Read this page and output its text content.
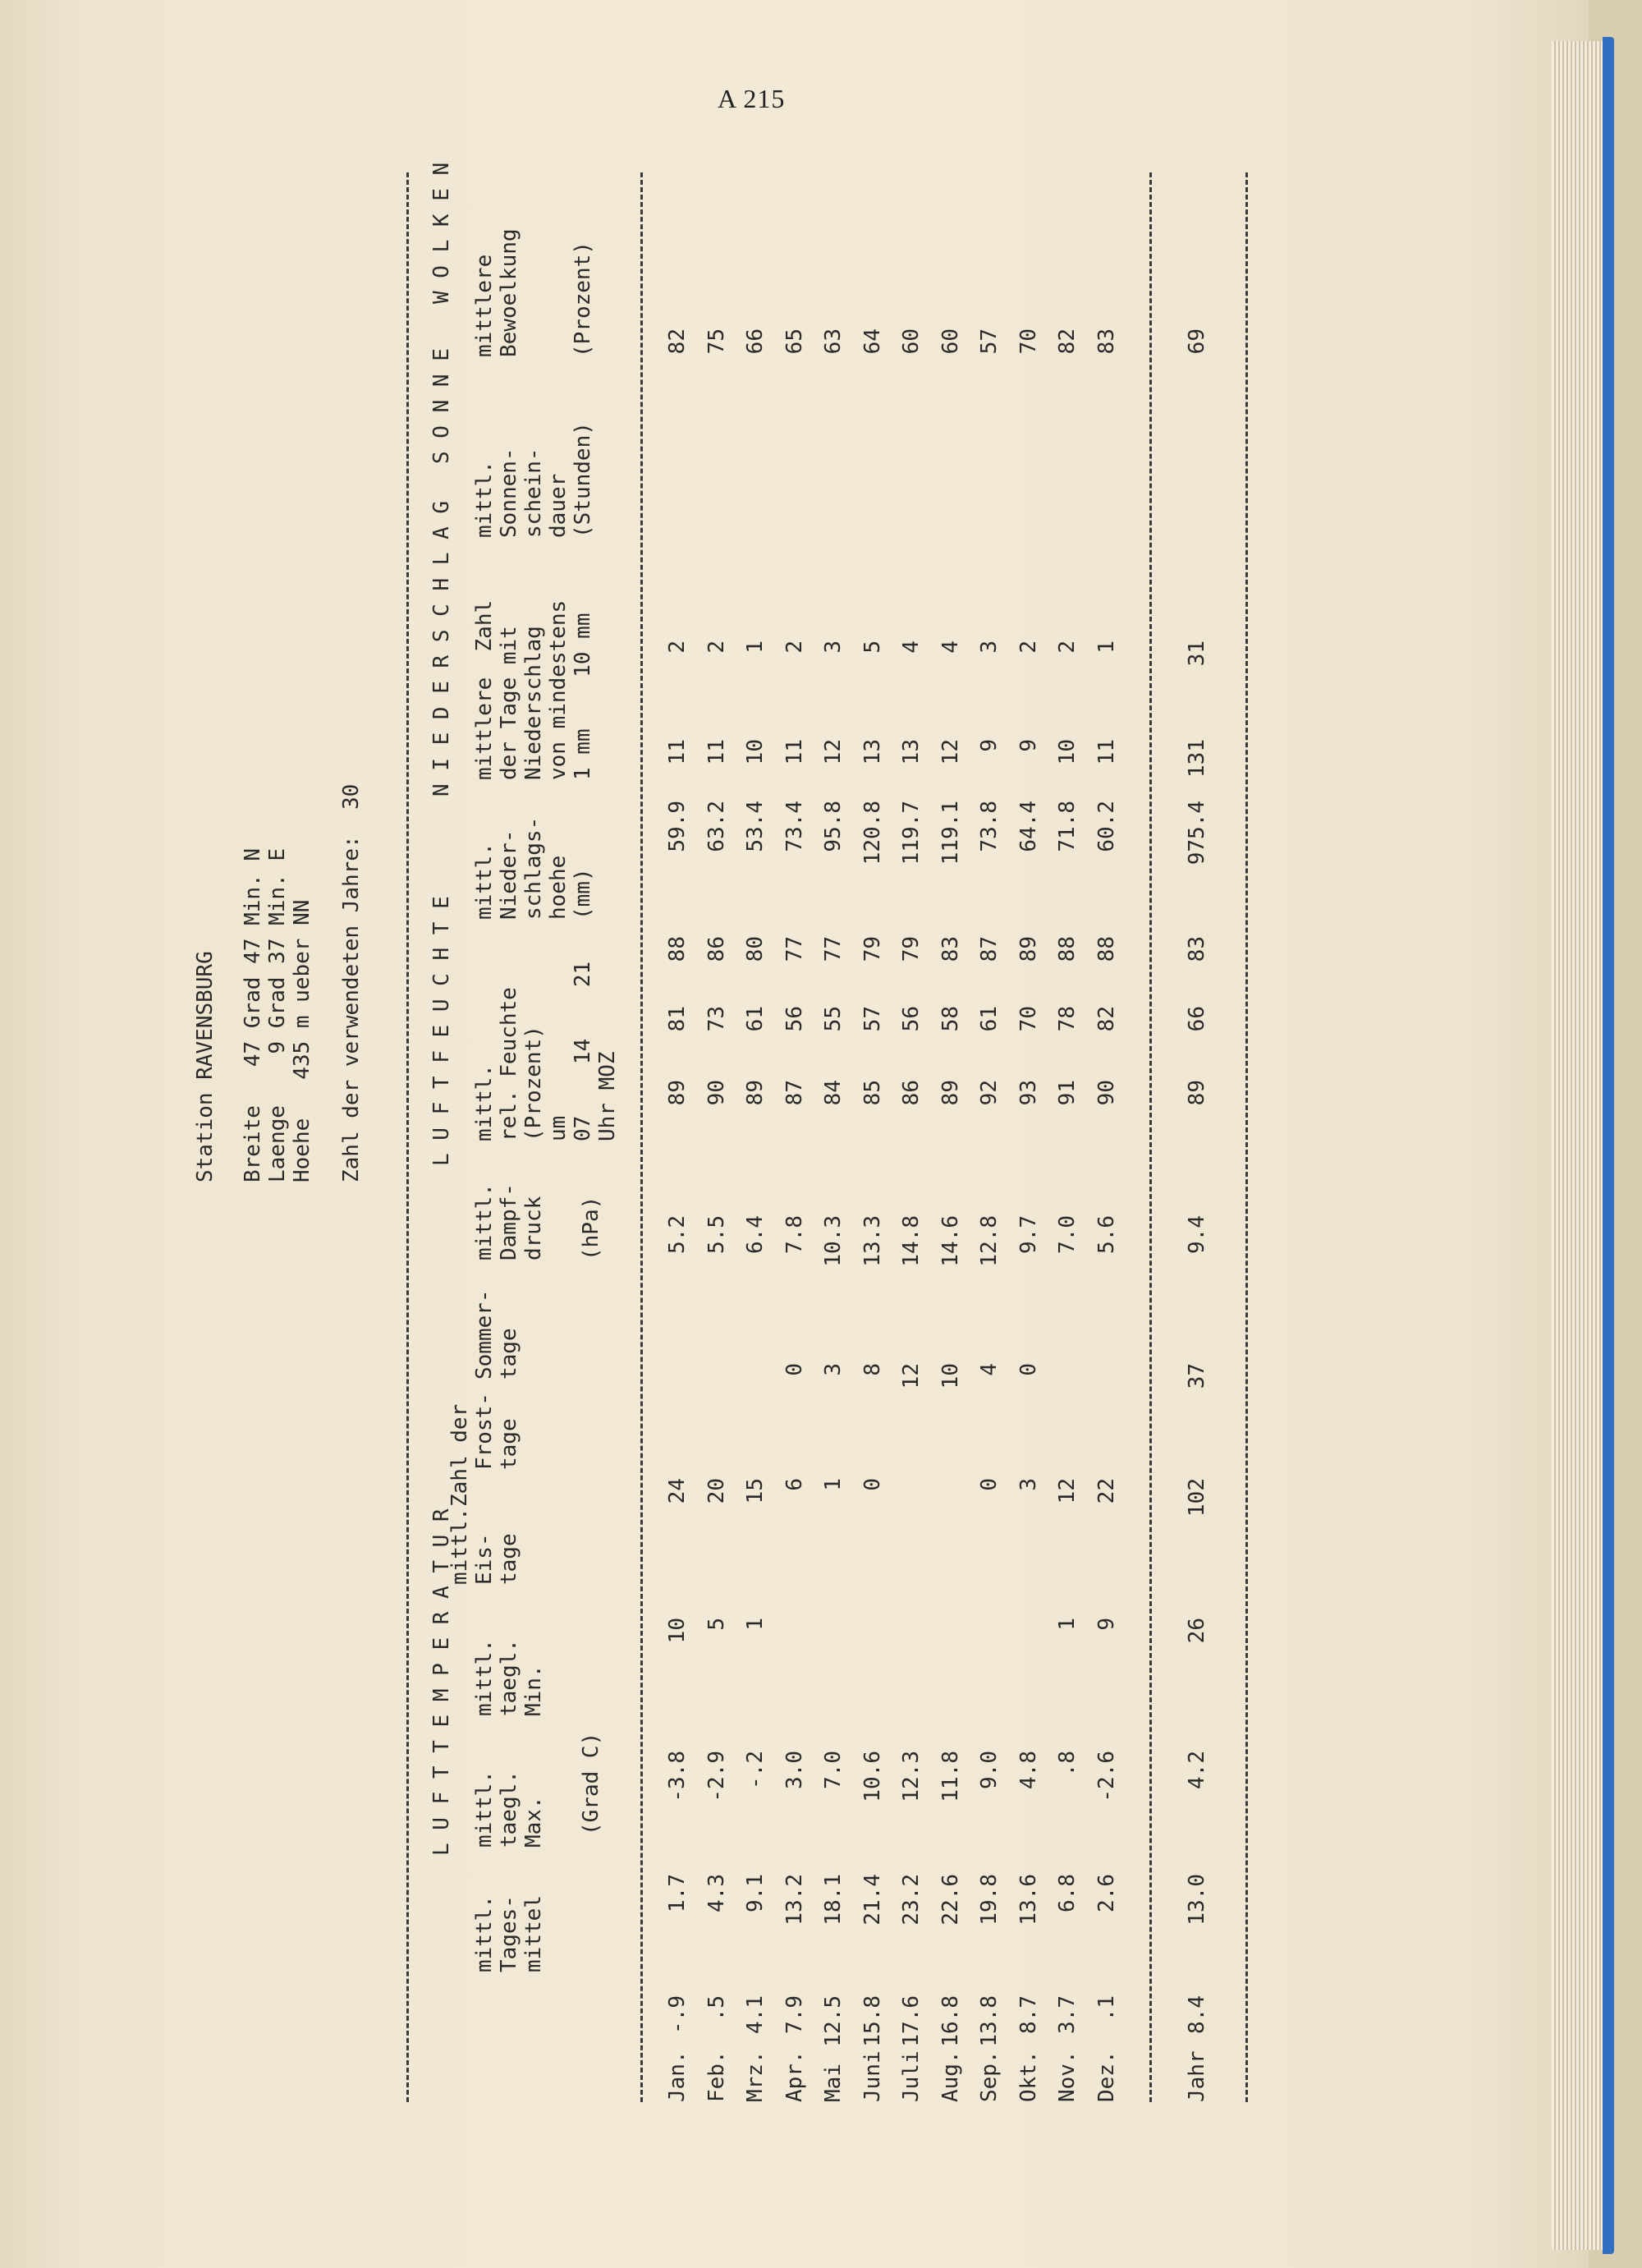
A 215
Station RAVENSBURG Breite   47 Grad 47 Min. N Laenge    9 Grad 37 Min. E Hoehe   435 m ueber NN Zahl der verwendeten Jahre:  30
L U F T T E M P E R A T U R
L U F T F E U C H T E
N I E D E R S C H L A G
S O N N E
W O L K E N
mittl.
Tages-
mittel
mittl.
taegl.
Max. (Grad C)
mittl.
taegl.
Min.
mittl.
Eis-
tage
Zahl der Frost-
tage
Sommer-
tage
mittl.
Dampf-
druck (hPa)
mittl.
rel. Feuchte
(Prozent)
um
07    14    21
Uhr MOZ
mittl.
Nieder-
schlags-
hoehe
(mm)
mittlere  Zahl
der Tage mit
Niederschlag
von mindestens
1 mm    10 mm
mittl.
Sonnen-
schein-
dauer
(Stunden)
mittlere
Bewoelkung

(Prozent)
Jan.
-.9
1.7
-3.8
10
24
5.2
89
81
88
59.9
11
2
82
Feb.
.5
4.3
-2.9
5
20
5.5
90
73
86
63.2
11
2
75
Mrz.
4.1
9.1
-.2
1
15
6.4
89
61
80
53.4
10
1
66
Apr.
7.9
13.2
3.0
6
0
7.8
87
56
77
73.4
11
2
65
Mai
12.5
18.1
7.0
1
3
10.3
84
55
77
95.8
12
3
63
Juni
15.8
21.4
10.6
0
8
13.3
85
57
79
120.8
13
5
64
Juli
17.6
23.2
12.3
12
14.8
86
56
79
119.7
13
4
60
Aug.
16.8
22.6
11.8
10
14.6
89
58
83
119.1
12
4
60
Sep.
13.8
19.8
9.0
0
4
12.8
92
61
87
73.8
9
3
57
Okt.
8.7
13.6
4.8
3
0
9.7
93
70
89
64.4
9
2
70
Nov.
3.7
6.8
.8
1
12
7.0
91
78
88
71.8
10
2
82
Dez.
.1
2.6
-2.6
9
22
5.6
90
82
88
60.2
11
1
83
Jahr
8.4
13.0
4.2
26
102
37
9.4
89
66
83
975.4
131
31
69
